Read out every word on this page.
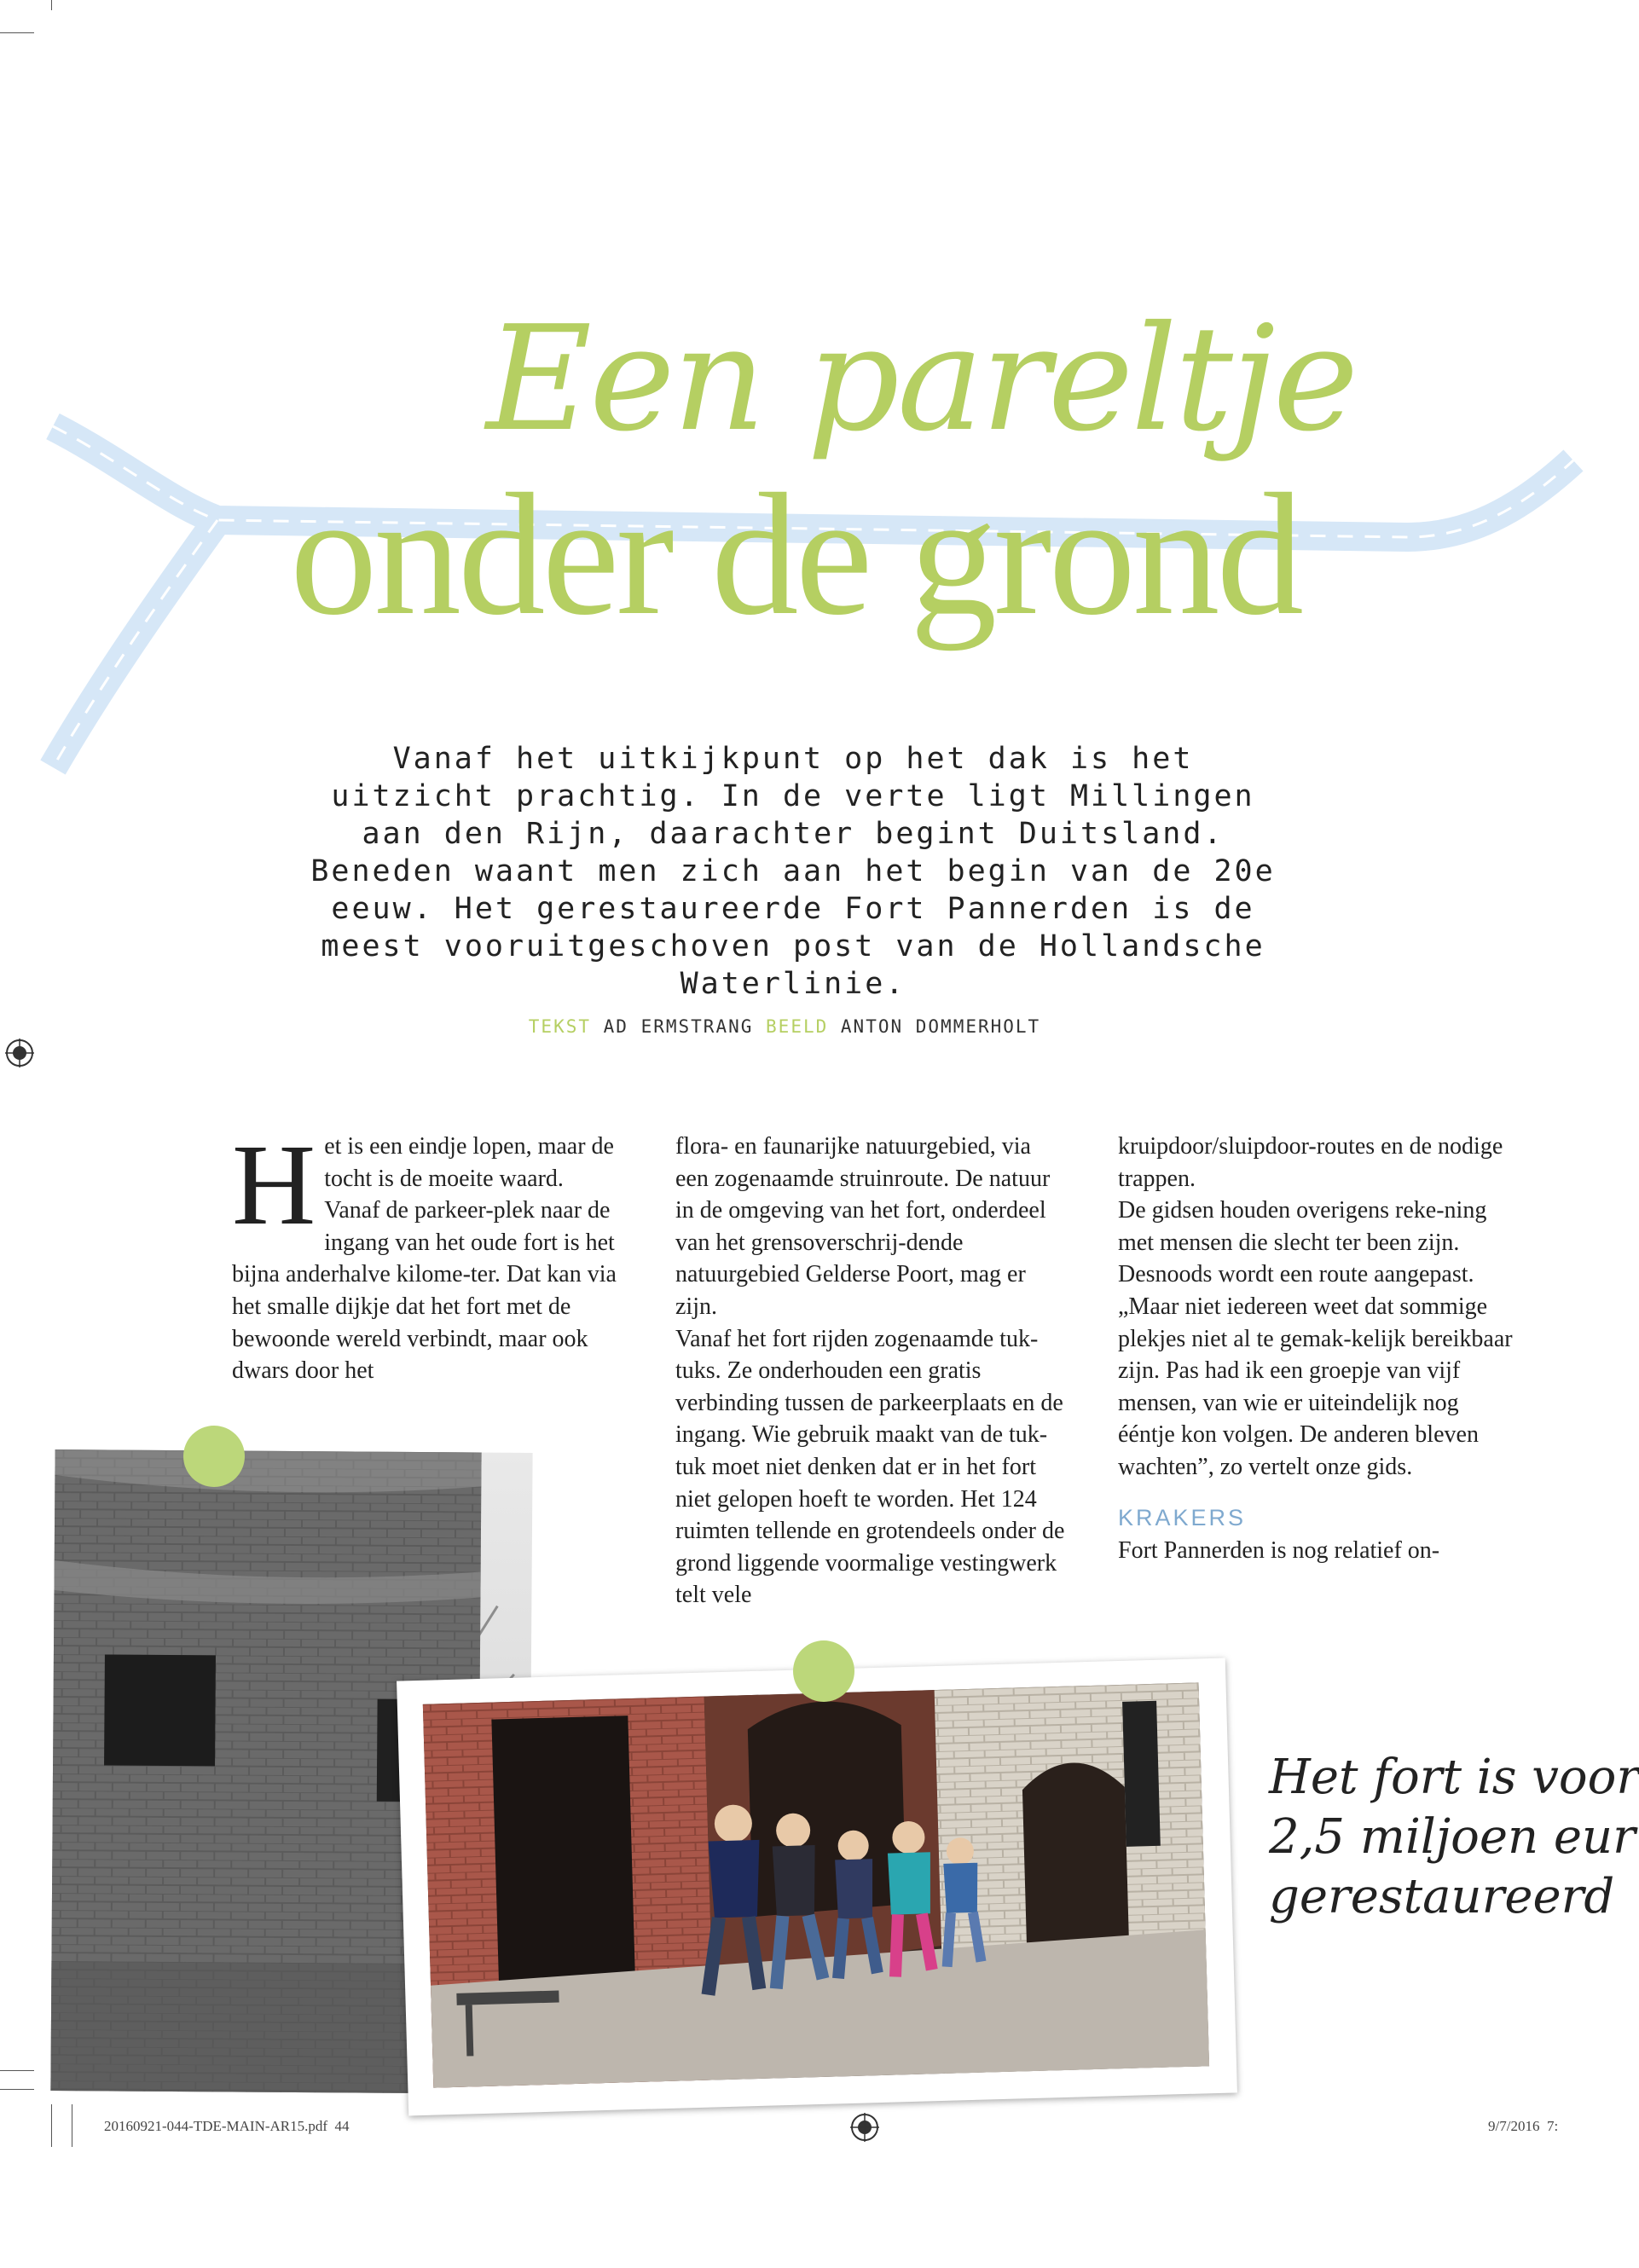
Een pareltje
onder de grond
Vanaf het uitkijkpunt op het dak is het uitzicht prachtig. In de verte ligt Millingen aan den Rijn, daarachter begint Duitsland. Beneden waant men zich aan het begin van de 20e eeuw. Het gerestaureerde Fort Pannerden is de meest vooruitgeschoven post van de Hollandsche Waterlinie.
TEKST AD ERMSTRANG BEELD ANTON DOMMERHOLT

H et is een eindje lopen, maar de tocht is de moeite waard. Vanaf de parkeer-plek naar de ingang van het oude fort is het bijna anderhalve kilome-ter. Dat kan via het smalle dijkje dat het fort met de bewoonde wereld verbindt, maar ook dwars door het

flora- en faunarijke natuurgebied, via een zogenaamde struinroute. De natuur in de omgeving van het fort, onderdeel van het grensoverschrij-dende natuurgebied Gelderse Poort, mag er zijn.

Vanaf het fort rijden zogenaamde tuk-tuks. Ze onderhouden een gratis verbinding tussen de parkeerplaats en de ingang. Wie gebruik maakt van de tuk-tuk moet niet denken dat er in het fort niet gelopen hoeft te worden. Het 124 ruimten tellende en grotendeels onder de grond liggende voormalige vestingwerk telt vele

kruipdoor/sluipdoor-routes en de nodige trappen.

De gidsen houden overigens reke-ning met mensen die slecht ter been zijn. Desnoods wordt een route aangepast. „Maar niet iedereen weet dat sommige plekjes niet al te gemak-kelijk bereikbaar zijn. Pas had ik een groepje van vijf mensen, van wie er uiteindelijk nog ééntje kon volgen. De anderen bleven wachten”, zo vertelt onze gids.

KRAKERS

Fort Pannerden is nog relatief on-

Het fort is voor
2,5 miljoen eur
gerestaureerd
20160921-044-TDE-MAIN-AR15.pdf  44	9/7/2016  7:
